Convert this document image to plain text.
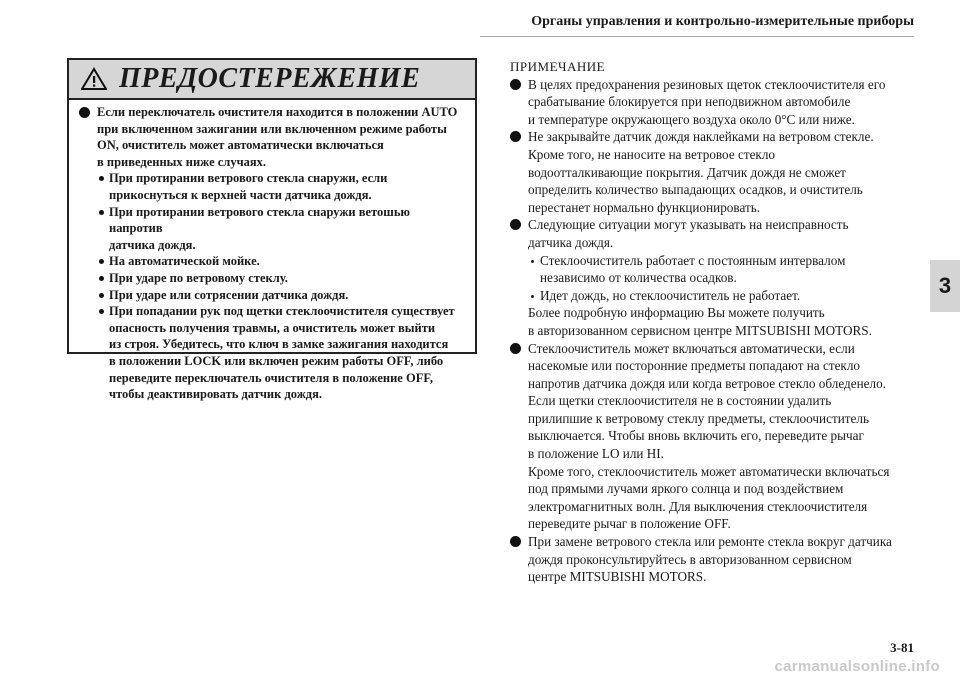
Органы управления и контрольно-измерительные приборы
ПРЕДОСТЕРЕЖЕНИЕ
Если переключатель очистителя находится в положении AUTO
при включенном зажигании или включенном режиме работы
ON, очиститель может автоматически включаться
в приведенных ниже случаях.
При протирании ветрового стекла снаружи, если
прикоснуться к верхней части датчика дождя.
При протирании ветрового стекла снаружи ветошью напротив
датчика дождя.
На автоматической мойке.
При ударе по ветровому стеклу.
При ударе или сотрясении датчика дождя.
При попадании рук под щетки стеклоочистителя существует
опасность получения травмы, а очиститель может выйти
из строя. Убедитесь, что ключ в замке зажигания находится
в положении LOCK или включен режим работы OFF, либо
переведите переключатель очистителя в положение OFF,
чтобы деактивировать датчик дождя.
ПРИМЕЧАНИЕ
В целях предохранения резиновых щеток стеклоочистителя его
срабатывание блокируется при неподвижном автомобиле
и температуре окружающего воздуха около 0°С или ниже.
Не закрывайте датчик дождя наклейками на ветровом стекле.
Кроме того, не наносите на ветровое стекло
водоотталкивающие покрытия. Датчик дождя не сможет
определить количество выпадающих осадков, и очиститель
перестанет нормально функционировать.
Следующие ситуации могут указывать на неисправность
датчика дождя.
Стеклоочиститель работает с постоянным интервалом
независимо от количества осадков.
Идет дождь, но стеклоочиститель не работает.
Более подробную информацию Вы можете получить
в авторизованном сервисном центре MITSUBISHI MOTORS.
Стеклоочиститель может включаться автоматически, если
насекомые или посторонние предметы попадают на стекло
напротив датчика дождя или когда ветровое стекло обледенело.
Если щетки стеклоочистителя не в состоянии удалить
прилипшие к ветровому стеклу предметы, стеклоочиститель
выключается. Чтобы вновь включить его, переведите рычаг
в положение LO или HI.
Кроме того, стеклоочиститель может автоматически включаться
под прямыми лучами яркого солнца и под воздействием
электромагнитных волн. Для выключения стеклоочистителя
переведите рычаг в положение OFF.
При замене ветрового стекла или ремонте стекла вокруг датчика
дождя проконсультируйтесь в авторизованном сервисном
центре MITSUBISHI MOTORS.
3
3-81
carmanualsonline.info
